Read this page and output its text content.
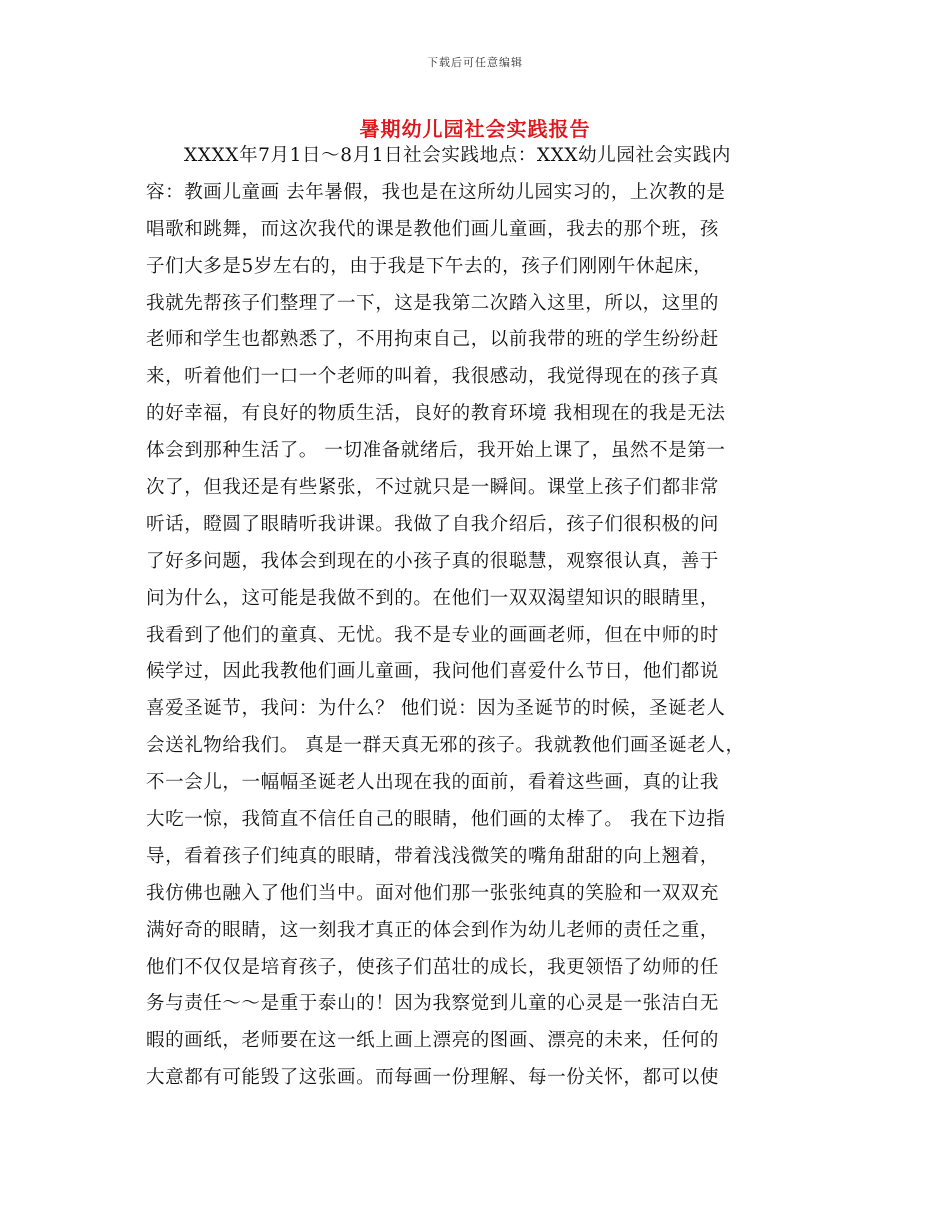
下载后可任意编辑
暑期幼儿园社会实践报告
XXXX年7月1日～8月1日社会实践地点：XXX幼儿园社会实践内
容：教画儿童画 去年暑假，我也是在这所幼儿园实习的，上次教的是
唱歌和跳舞，而这次我代的课是教他们画儿童画，我去的那个班，孩
子们大多是5岁左右的，由于我是下午去的，孩子们刚刚午休起床，
我就先帮孩子们整理了一下，这是我第二次踏入这里，所以，这里的
老师和学生也都熟悉了，不用拘束自己，以前我带的班的学生纷纷赶
来，听着他们一口一个老师的叫着，我很感动，我觉得现在的孩子真
的好幸福，有良好的物质生活，良好的教育环境 我相现在的我是无法
体会到那种生活了。 一切准备就绪后，我开始上课了，虽然不是第一
次了，但我还是有些紧张，不过就只是一瞬间。课堂上孩子们都非常
听话，瞪圆了眼睛听我讲课。我做了自我介绍后，孩子们很积极的问
了好多问题，我体会到现在的小孩子真的很聪慧，观察很认真，善于
问为什么，这可能是我做不到的。在他们一双双渴望知识的眼睛里，
我看到了他们的童真、无忧。我不是专业的画画老师，但在中师的时
候学过，因此我教他们画儿童画，我问他们喜爱什么节日，他们都说
喜爱圣诞节，我问：为什么？ 他们说：因为圣诞节的时候，圣诞老人
会送礼物给我们。 真是一群天真无邪的孩子。我就教他们画圣诞老人，
不一会儿，一幅幅圣诞老人出现在我的面前，看着这些画，真的让我
大吃一惊，我简直不信任自己的眼睛，他们画的太棒了。 我在下边指
导，看着孩子们纯真的眼睛，带着浅浅微笑的嘴角甜甜的向上翘着，
我仿佛也融入了他们当中。面对他们那一张张纯真的笑脸和一双双充
满好奇的眼睛，这一刻我才真正的体会到作为幼儿老师的责任之重，
他们不仅仅是培育孩子，使孩子们茁壮的成长，我更领悟了幼师的任
务与责任～～是重于泰山的！因为我察觉到儿童的心灵是一张洁白无
暇的画纸，老师要在这一纸上画上漂亮的图画、漂亮的未来，任何的
大意都有可能毁了这张画。而每画一份理解、每一份关怀，都可以使
